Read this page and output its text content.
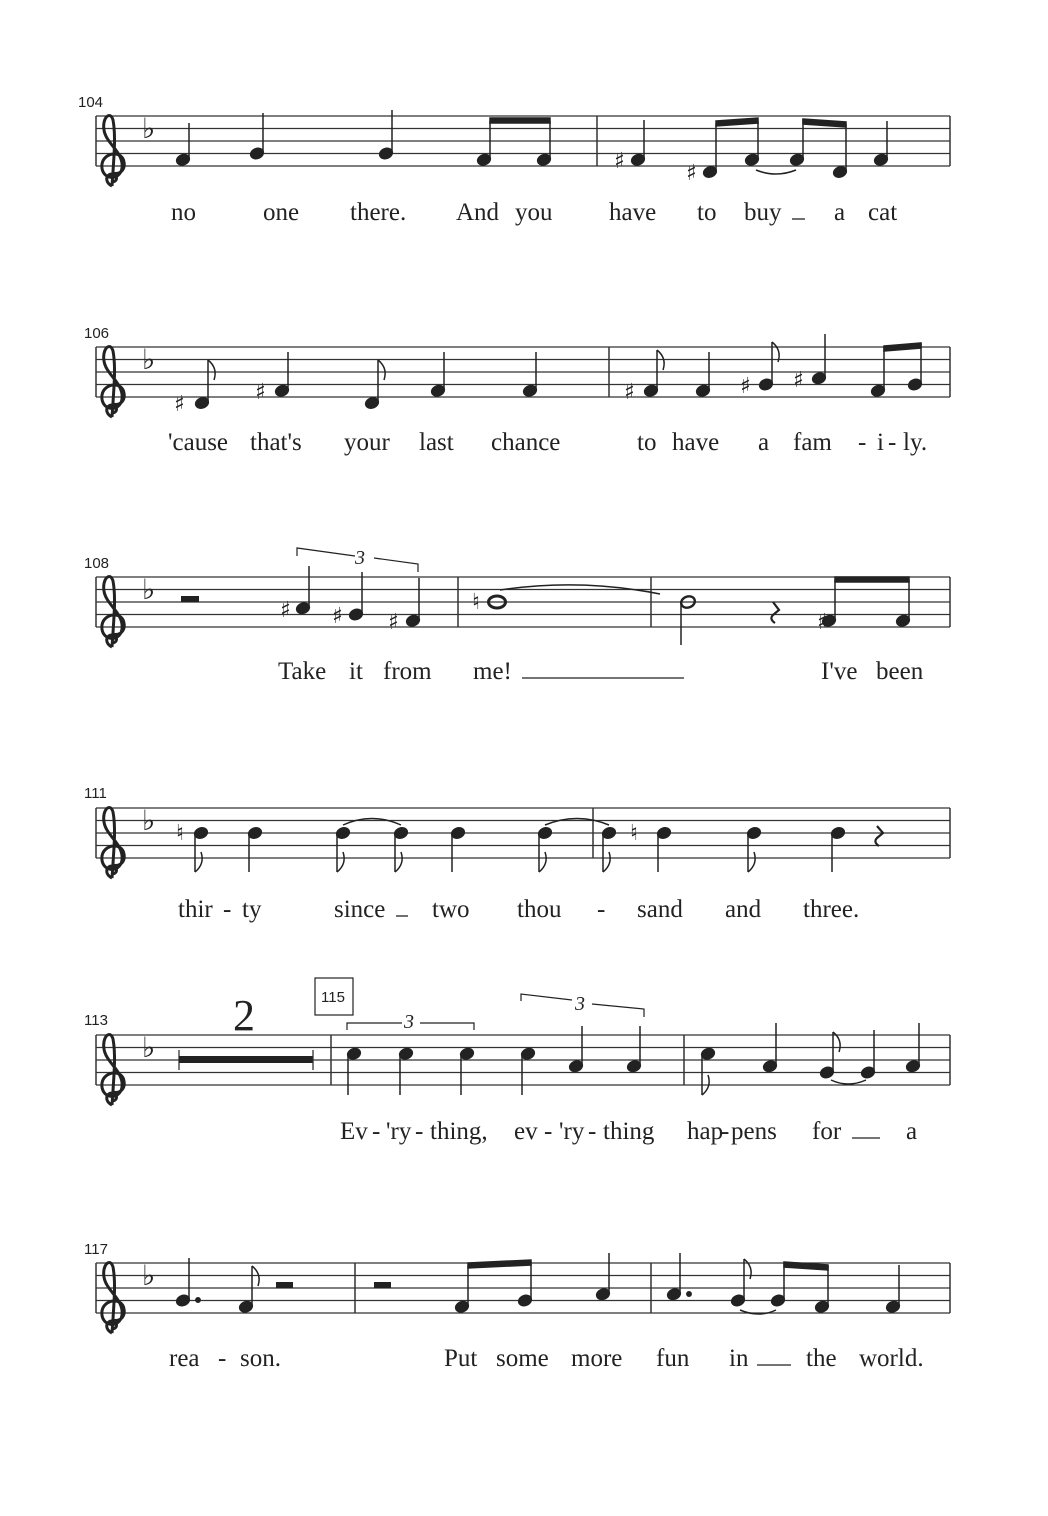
104
♭
♯	♯
no	one there. And you have to buy a cat
106
♭
♯	♯	♯	♯ ♯
'cause that's your last chance	to have a fam - i - ly.
108
♭
3
♯ ♯ ♯
♮
♯
Take it from me!	I've been
111
♭ ♮	♮
thir - ty	since two thou - sand and three.
113
♭
2	115
3
3
Ev - 'ry - thing, ev - 'ry - thing hap
- pens for	a
117
♭
rea - son.	Put some more fun in the world.
